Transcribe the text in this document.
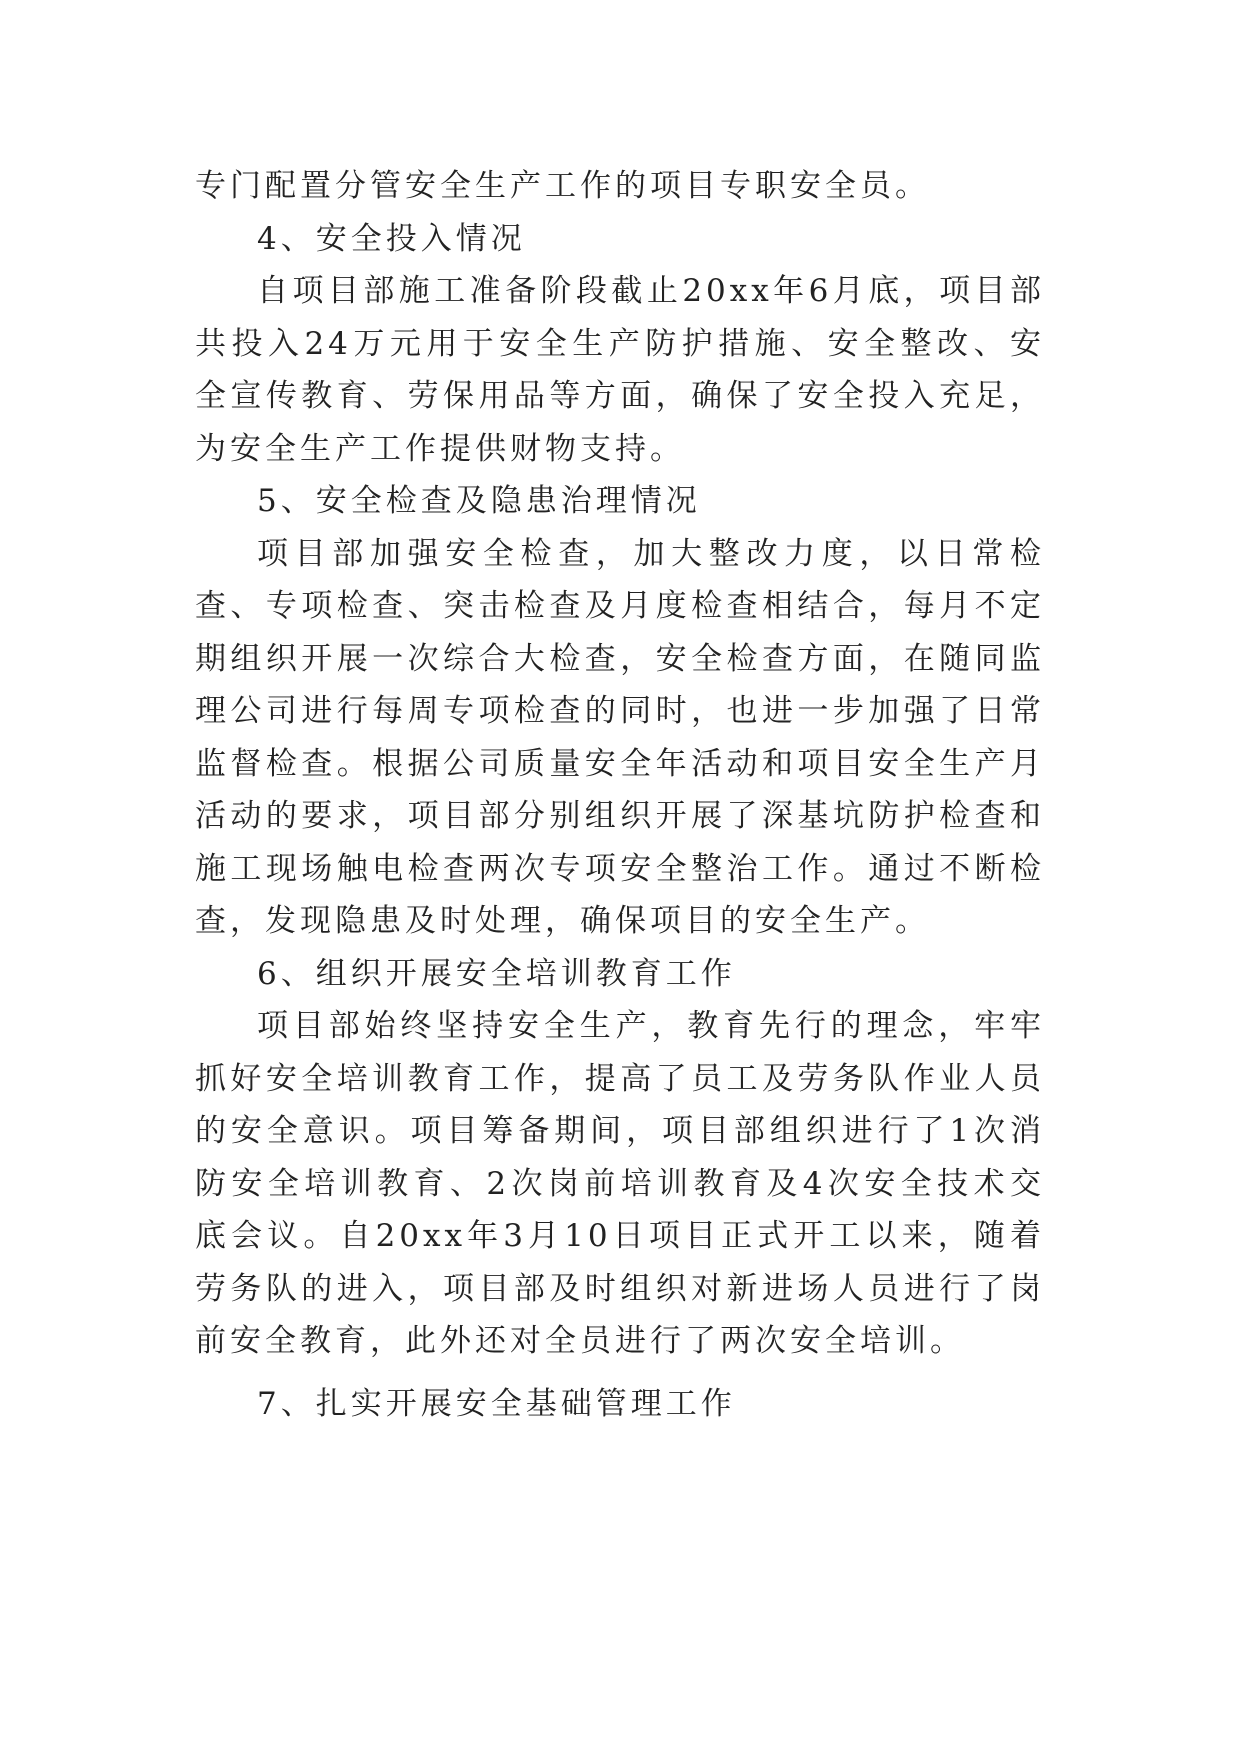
专门配置分管安全生产工作的项目专职安全员。

4、安全投入情况

自项目部施工准备阶段截止20xx年6月底，项目部共投入24万元用于安全生产防护措施、安全整改、安全宣传教育、劳保用品等方面，确保了安全投入充足，为安全生产工作提供财物支持。

5、安全检查及隐患治理情况

项目部加强安全检查，加大整改力度，以日常检查、专项检查、突击检查及月度检查相结合，每月不定期组织开展一次综合大检查，安全检查方面，在随同监理公司进行每周专项检查的同时，也进一步加强了日常监督检查。根据公司质量安全年活动和项目安全生产月活动的要求，项目部分别组织开展了深基坑防护检查和施工现场触电检查两次专项安全整治工作。通过不断检查，发现隐患及时处理，确保项目的安全生产。

6、组织开展安全培训教育工作

项目部始终坚持安全生产，教育先行的理念，牢牢抓好安全培训教育工作，提高了员工及劳务队作业人员的安全意识。项目筹备期间，项目部组织进行了1次消防安全培训教育、2次岗前培训教育及4次安全技术交底会议。自20xx年3月10日项目正式开工以来，随着劳务队的进入，项目部及时组织对新进场人员进行了岗前安全教育，此外还对全员进行了两次安全培训。

7、扎实开展安全基础管理工作
